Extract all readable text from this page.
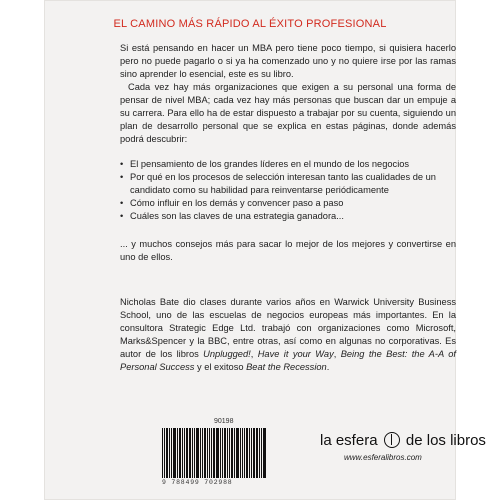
EL CAMINO MÁS RÁPIDO AL ÉXITO PROFESIONAL

Si está pensando en hacer un MBA pero tiene poco tiempo, si quisiera hacerlo pero no puede pagarlo o si ya ha comenzado uno y no quiere irse por las ramas sino aprender lo esencial, este es su libro.

Cada vez hay más organizaciones que exigen a su personal una forma de pensar de nivel MBA; cada vez hay más personas que buscan dar un empuje a su carrera. Para ello ha de estar dispuesto a trabajar por su cuenta, siguiendo un plan de desarrollo personal que se explica en estas páginas, donde además podrá descubrir:

• El pensamiento de los grandes líderes en el mundo de los negocios
• Por qué en los procesos de selección interesan tanto las cualidades de un candidato como su habilidad para reinventarse periódicamente
• Cómo influir en los demás y convencer paso a paso
• Cuáles son las claves de una estrategia ganadora...

... y muchos consejos más para sacar lo mejor de los mejores y convertirse en uno de ellos.

Nicholas Bate dio clases durante varios años en Warwick University Business School, uno de las escuelas de negocios europeas más importantes. En la consultora Strategic Edge Ltd. trabajó con organizaciones como Microsoft, Marks&Spencer y la BBC, entre otras, así como en algunas no corporativas. Es autor de los libros Unplugged!, Have it your Way, Being the Best: the A-A of Personal Success y el exitoso Beat the Recession.

90198
9 788499 702988
la esfera de los libros
www.esferalibros.com
